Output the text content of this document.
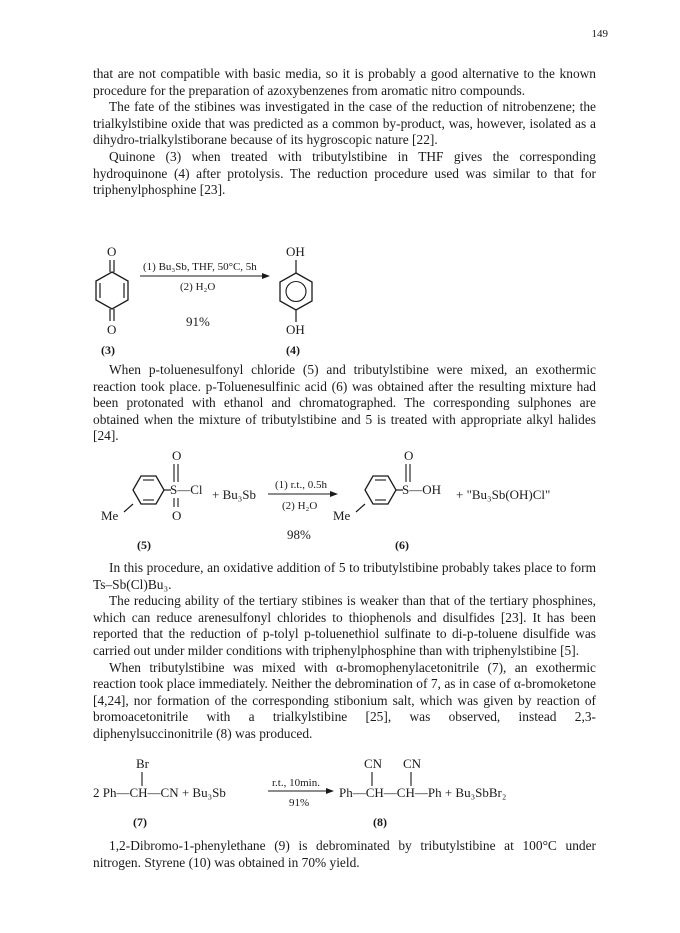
149

that are not compatible with basic media, so it is probably a good alternative to the known procedure for the preparation of azoxybenzenes from aromatic nitro compounds.

The fate of the stibines was investigated in the case of the reduction of nitrobenzene; the trialkylstibine oxide that was predicted as a common by-product, was, however, isolated as a dihydro-trialkylstiborane because of its hygroscopic nature [22].

Quinone (3) when treated with tributylstibine in THF gives the corresponding hydroquinone (4) after protolysis. The reduction procedure used was similar to that for triphenylphosphine [23].

O
O
(1) Bu₃Sb, THF, 50°C, 5h
(2) H₂O
91%
OH
OH
(3)	(4)

When p-toluenesulfonyl chloride (5) and tributylstibine were mixed, an exothermic reaction took place. p-Toluenesulfinic acid (6) was obtained after the resulting mixture had been protonated with ethanol and chromatographed. The corresponding sulphones are obtained when the mixture of tributylstibine and 5 is treated with appropriate alkyl halides [24].

O
S—Cl
O
Me
+ Bu₃Sb
(1) r.t., 0.5h
(2) H₂O
98%
O
S—OH
Me
+ "Bu₃Sb(OH)Cl"
(5)	(6)

In this procedure, an oxidative addition of 5 to tributylstibine probably takes place to form Ts–Sb(Cl)Bu₃.

The reducing ability of the tertiary stibines is weaker than that of the tertiary phosphines, which can reduce arenesulfonyl chlorides to thiophenols and disulfides [23]. It has been reported that the reduction of p-tolyl p-toluenethiol sulfinate to di-p-toluene disulfide was carried out under milder conditions with triphenylphosphine than with triphenylstibine [5].

When tributylstibine was mixed with α-bromophenylacetonitrile (7), an exothermic reaction took place immediately. Neither the debromination of 7, as in case of α-bromoketone [4,24], nor formation of the corresponding stibonium salt, which was given by reaction of bromoacetonitrile with a trialkylstibine [25], was observed, instead 2,3-diphenylsuccinonitrile (8) was produced.

Br
2 Ph—CH—CN + Bu₃Sb
r.t., 10min.
91%
CN CN
Ph—CH—CH—Ph + Bu₃SbBr₂
(7)	(8)

1,2-Dibromo-1-phenylethane (9) is debrominated by tributylstibine at 100°C under nitrogen. Styrene (10) was obtained in 70% yield.
